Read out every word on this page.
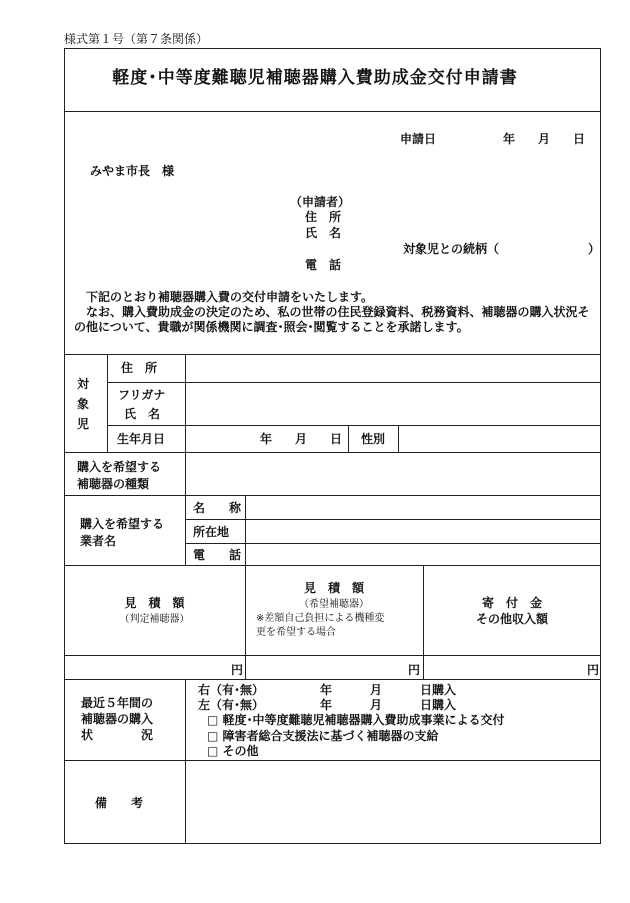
様式第１号（第７条関係）
軽度･中等度難聴児補聴器購入費助成金交付申請書
申請日	年 月 日
みやま市長　様
（申請者）
住　所
氏　名
対象児との続柄（	）
電　話
下記のとおり補聴器購入費の交付申請をいたします。
なお、購入費助成金の決定のため、私の世帯の住民登録資料、税務資料、補聴器の購入状況その他について、貴職が関係機関に調査･照会･閲覧することを承諾します。
対
象
児
住　所
フリガナ
氏　名
生年月日	年 月 日 性別
購入を希望する
補聴器の種類
購入を希望する
業者名
名　　称
所在地
電　　話
見　積　額
（判定補聴器）
見　積　額
（希望補聴器）
※差額自己負担による機種変
更を希望する場合
寄　付　金
その他収入額
円	円	円
最近５年間の
補聴器の購入
状　　　　況
右（有･無）	年	月	日購入
左（有･無）	年	月	日購入
□ 軽度･中等度難聴児補聴器購入費助成事業による交付
□ 障害者総合支援法に基づく補聴器の支給
□ その他
備　　考
